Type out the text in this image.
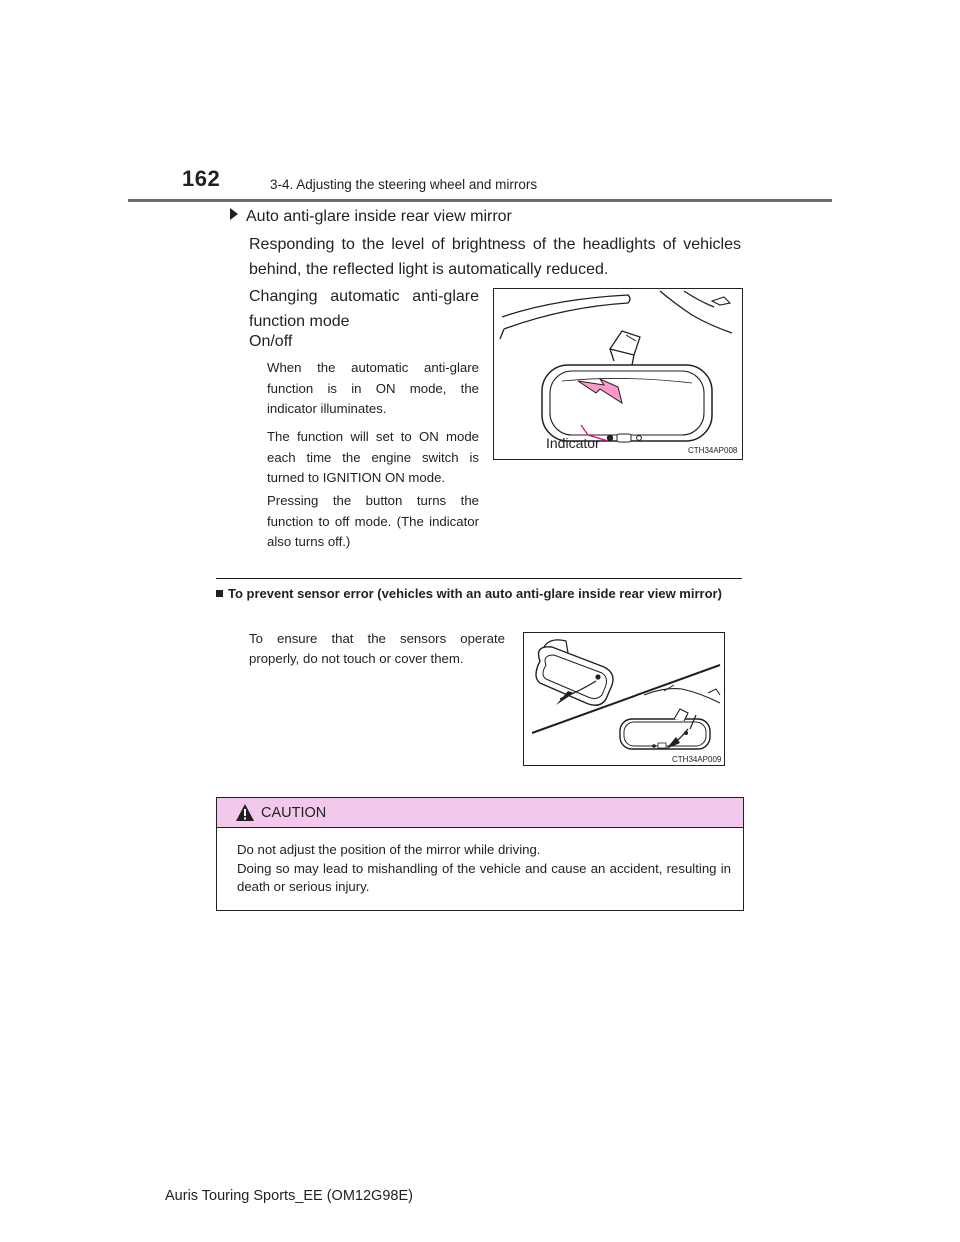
162	3-4. Adjusting the steering wheel and mirrors
Auto anti-glare inside rear view mirror
Responding to the level of brightness of the headlights of vehicles behind, the reflected light is automatically reduced.
Changing automatic anti-glare function mode
On/off
When the automatic anti-glare function is in ON mode, the indicator illuminates.
The function will set to ON mode each time the engine switch is turned to IGNITION ON mode.
Pressing the button turns the function to off mode. (The indicator also turns off.)
Indicator	CTH34AP008
To prevent sensor error (vehicles with an auto anti-glare inside rear view mirror)
To ensure that the sensors operate properly, do not touch or cover them.
CTH34AP009
CAUTION
Do not adjust the position of the mirror while driving.
Doing so may lead to mishandling of the vehicle and cause an accident, resulting in death or serious injury.
Auris Touring Sports_EE (OM12G98E)
